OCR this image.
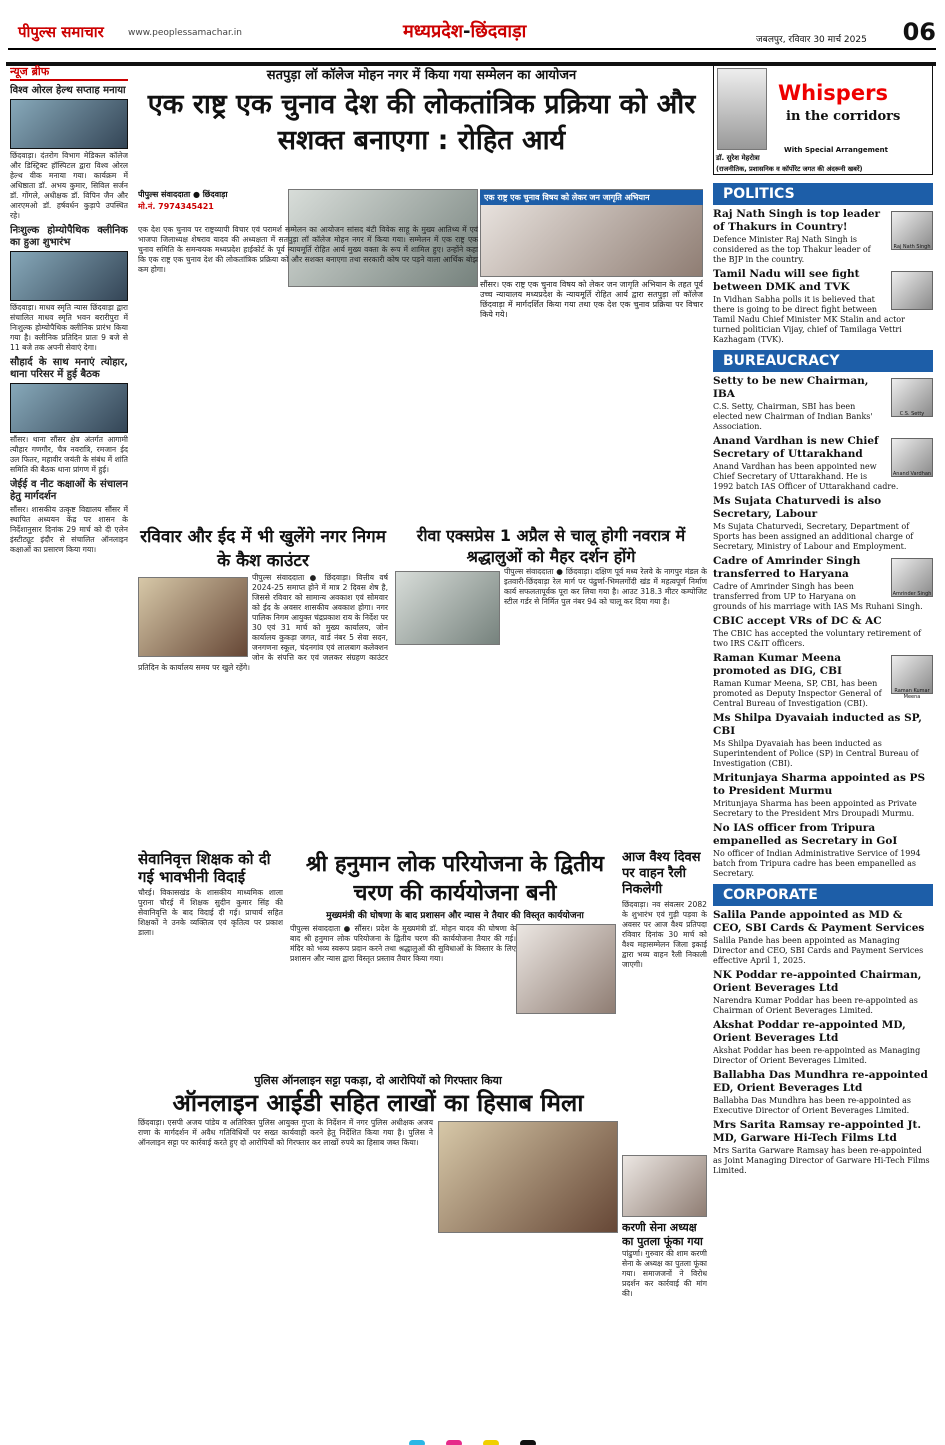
पीपुल्स समाचार	www.peoplessamachar.in	मध्यप्रदेश-छिंदवाड़ा	जबलपुर, रविवार 30 मार्च 2025 06
न्यूज ब्रीफ
विश्व ओरल हेल्थ सप्ताह मनाया
छिंदवाड़ा। दंतरोग विभाग मेडिकल कॉलेज और डिस्ट्रिक्ट हॉस्पिटल द्वारा विश्व ओरल हेल्थ वीक मनाया गया। कार्यक्रम में अधिष्ठाता डॉ. अभय कुमार, सिविल सर्जन डॉ. गोंगले, अधीक्षक डॉ. विपिन जैन और आरएमओ डॉ. हर्षवर्धन कुड़ापे उपस्थित रहे।
निःशुल्क होम्योपैथिक क्लीनिक का हुआ शुभारंभ
छिंदवाड़ा। माधव स्मृति न्यास छिंदवाड़ा द्वारा संचालित माधव स्मृति भवन बरारीपुरा में निःशुल्क होम्योपैथिक क्लीनिक प्रारंभ किया गया है। क्लीनिक प्रतिदिन प्रातः 9 बजे से 11 बजे तक अपनी सेवाएं देगा।
सौहार्द के साथ मनाएं त्योहार, थाना परिसर में हुई बैठक
सौंसर। थाना सौंसर क्षेत्र अंतर्गत आगामी त्यौहार गणगौर, चैत्र नवरात्रि, रमजान ईद उल फितर, महावीर जयंती के संबंध में शांति समिति की बैठक थाना प्रांगण में हुई।
जेईई व नीट कक्षाओं के संचालन हेतु मार्गदर्शन
सौंसर। शासकीय उत्कृष्ट विद्यालय सौंसर में स्थापित अध्ययन केंद्र पर शासन के निर्देशानुसार दिनांक 29 मार्च को दी एलेन इंस्टीट्यूट इंदौर से संचालित ऑनलाइन कक्षाओं का प्रसारण किया गया।
सतपुड़ा लॉ कॉलेज मोहन नगर में किया गया सम्मेलन का आयोजन
एक राष्ट्र एक चुनाव देश की लोकतांत्रिक प्रक्रिया को और सशक्त बनाएगा : रोहित आर्य
पीपुल्स संवाददाता ● छिंदवाड़ा
मो.नं. 7974345421
एक राष्ट्र एक चुनाव विषय को लेकर जन जागृति अभियान
सौंसर। एक राष्ट्र एक चुनाव विषय को लेकर जन जागृति अभियान के तहत पूर्व उच्च न्यायालय मध्यप्रदेश के न्यायमूर्ति रोहित आर्य द्वारा सतपुड़ा लॉ कॉलेज छिंदवाड़ा में मार्गदर्शित किया गया तथा एक देश एक चुनाव प्रक्रिया पर विचार किये गये।
एक देश एक चुनाव पर राष्ट्रव्यापी विचार एवं परामर्श सम्मेलन का आयोजन सांसद बंटी विवेक साहू के मुख्य आतिथ्य में एवं भाजपा जिलाध्यक्ष शेषराव यादव की अध्यक्षता में सतपुड़ा लॉ कॉलेज मोहन नगर में किया गया। सम्मेलन में एक राष्ट्र एक चुनाव समिति के समन्वयक मध्यप्रदेश हाईकोर्ट के पूर्व न्यायमूर्ति रोहित आर्य मुख्य वक्ता के रूप में शामिल हुए। उन्होंने कहा कि एक राष्ट्र एक चुनाव देश की लोकतांत्रिक प्रक्रिया को और सशक्त बनाएगा तथा सरकारी कोष पर पड़ने वाला आर्थिक बोझ कम होगा।
रविवार और ईद में भी खुलेंगे नगर निगम के कैश काउंटर
पीपुल्स संवाददाता ● छिंदवाड़ा। वित्तीय वर्ष 2024-25 समाप्त होने में मात्र 2 दिवस शेष है, जिससे रविवार को सामान्य अवकाश एवं सोमवार को ईद के अवसर शासकीय अवकाश होगा। नगर पालिक निगम आयुक्त चंद्रप्रकाश राय के निर्देश पर 30 एवं 31 मार्च को मुख्य कार्यालय, जोन कार्यालय कुकड़ा जगत, वार्ड नंबर 5 सेवा सदन, जनगणना स्कूल, चंदनगांव एवं लालबाग कलेक्शन जोन के संपत्ति कर एवं जलकर संग्रहण काउंटर प्रतिदिन के कार्यालय समय पर खुले रहेंगे।
रीवा एक्सप्रेस 1 अप्रैल से चालू होगी नवरात्र में श्रद्धालुओं को मैहर दर्शन होंगे
पीपुल्स संवाददाता ● छिंदवाड़ा। दक्षिण पूर्व मध्य रेलवे के नागपुर मंडल के इतवारी-छिंदवाड़ा रेल मार्ग पर पंढुर्णा-भिमलगोंदी खंड में महत्वपूर्ण निर्माण कार्य सफलतापूर्वक पूरा कर लिया गया है। आउट 318.3 मीटर कम्पोजिट स्टील गर्डर से निर्मित पुल नंबर 94 को चालू कर दिया गया है।
सेवानिवृत्त शिक्षक को दी गई भावभीनी विदाई
चौरई। विकासखंड के शासकीय माध्यमिक शाला पुराना चौरई में शिक्षक सुदीन कुमार सिंह की सेवानिवृत्ति के बाद विदाई दी गई। प्राचार्य सहित शिक्षकों ने उनके व्यक्तित्व एवं कृतित्व पर प्रकाश डाला।
श्री हनुमान लोक परियोजना के द्वितीय चरण की कार्ययोजना बनी
मुख्यमंत्री की घोषणा के बाद प्रशासन और न्यास ने तैयार की विस्तृत कार्ययोजना
पीपुल्स संवाददाता ● सौंसर। प्रदेश के मुख्यमंत्री डॉ. मोहन यादव की घोषणा के बाद श्री हनुमान लोक परियोजना के द्वितीय चरण की कार्ययोजना तैयार की गई। मंदिर को भव्य स्वरूप प्रदान करने तथा श्रद्धालुओं की सुविधाओं के विस्तार के लिए प्रशासन और न्यास द्वारा विस्तृत प्रस्ताव तैयार किया गया।
आज वैश्य दिवस पर वाहन रैली निकलेगी
छिंदवाड़ा। नव संवत्सर 2082 के शुभारंभ एवं गुड़ी पड़वा के अवसर पर आज वैश्य प्रतिपदा रविवार दिनांक 30 मार्च को वैश्य महासम्मेलन जिला इकाई द्वारा भव्य वाहन रैली निकाली जाएगी।
पुलिस ऑनलाइन सट्टा पकड़ा, दो आरोपियों को गिरफ्तार किया
ऑनलाइन आईडी सहित लाखों का हिसाब मिला
छिंदवाड़ा। एसपी अजय पांडेय व अतिरिक्त पुलिस आयुक्त गुप्ता के निर्देशन में नगर पुलिस अधीक्षक अजय राणा के मार्गदर्शन में अवैध गतिविधियों पर सख्त कार्यवाही करने हेतु निर्देशित किया गया है। पुलिस ने ऑनलाइन सट्टा पर कार्रवाई करते हुए दो आरोपियों को गिरफ्तार कर लाखों रुपये का हिसाब जब्त किया।
करणी सेना अध्यक्ष का पुतला फूंका गया
पांढुर्णा। गुरुवार की शाम करणी सेना के अध्यक्ष का पुतला फूंका गया। समाजजनों ने विरोध प्रदर्शन कर कार्रवाई की मांग की।
Whispers
in the corridors
डॉ. सुरेश मेहरोत्रा
With Special Arrangement
(राजनीतिक, प्रशासनिक व कॉर्पोरेट जगत की अंदरूनी खबरें)
POLITICS
Raj Nath Singh
Raj Nath Singh is top leader of Thakurs in Country!
Defence Minister Raj Nath Singh is considered as the top Thakur leader of the BJP in the country.
Tamil Nadu will see fight between DMK and TVK
In Vidhan Sabha polls it is believed that there is going to be direct fight between Tamil Nadu Chief Minister MK Stalin and actor turned politician Vijay, chief of Tamilaga Vettri Kazhagam (TVK).
BUREAUCRACY
C.S. Setty
Setty to be new Chairman, IBA
C.S. Setty, Chairman, SBI has been elected new Chairman of Indian Banks' Association.
Anand Vardhan
Anand Vardhan is new Chief Secretary of Uttarakhand
Anand Vardhan has been appointed new Chief Secretary of Uttarakhand. He is 1992 batch IAS Officer of Uttarakhand cadre.
Ms Sujata Chaturvedi is also Secretary, Labour
Ms Sujata Chaturvedi, Secretary, Department of Sports has been assigned an additional charge of Secretary, Ministry of Labour and Employment.
Amrinder Singh
Cadre of Amrinder Singh transferred to Haryana
Cadre of Amrinder Singh has been transferred from UP to Haryana on grounds of his marriage with IAS Ms Ruhani Singh.
CBIC accept VRs of DC & AC
The CBIC has accepted the voluntary retirement of two IRS C&IT officers.
Raman Kumar Meena
Raman Kumar Meena promoted as DIG, CBI
Raman Kumar Meena, SP, CBI, has been promoted as Deputy Inspector General of Central Bureau of Investigation (CBI).
Ms Shilpa Dyavaiah inducted as SP, CBI
Ms Shilpa Dyavaiah has been inducted as Superintendent of Police (SP) in Central Bureau of Investigation (CBI).
Mritunjaya Sharma appointed as PS to President Murmu
Mritunjaya Sharma has been appointed as Private Secretary to the President Mrs Droupadi Murmu.
No IAS officer from Tripura empanelled as Secretary in GoI
No officer of Indian Administrative Service of 1994 batch from Tripura cadre has been empanelled as Secretary.
CORPORATE
Salila Pande appointed as MD & CEO, SBI Cards & Payment Services
Salila Pande has been appointed as Managing Director and CEO, SBI Cards and Payment Services effective April 1, 2025.
NK Poddar re-appointed Chairman, Orient Beverages Ltd
Narendra Kumar Poddar has been re-appointed as Chairman of Orient Beverages Limited.
Akshat Poddar re-appointed MD, Orient Beverages Ltd
Akshat Poddar has been re-appointed as Managing Director of Orient Beverages Limited.
Ballabha Das Mundhra re-appointed ED, Orient Beverages Ltd
Ballabha Das Mundhra has been re-appointed as Executive Director of Orient Beverages Limited.
Mrs Sarita Ramsay re-appointed Jt. MD, Garware Hi-Tech Films Ltd
Mrs Sarita Garware Ramsay has been re-appointed as Joint Managing Director of Garware Hi-Tech Films Limited.
